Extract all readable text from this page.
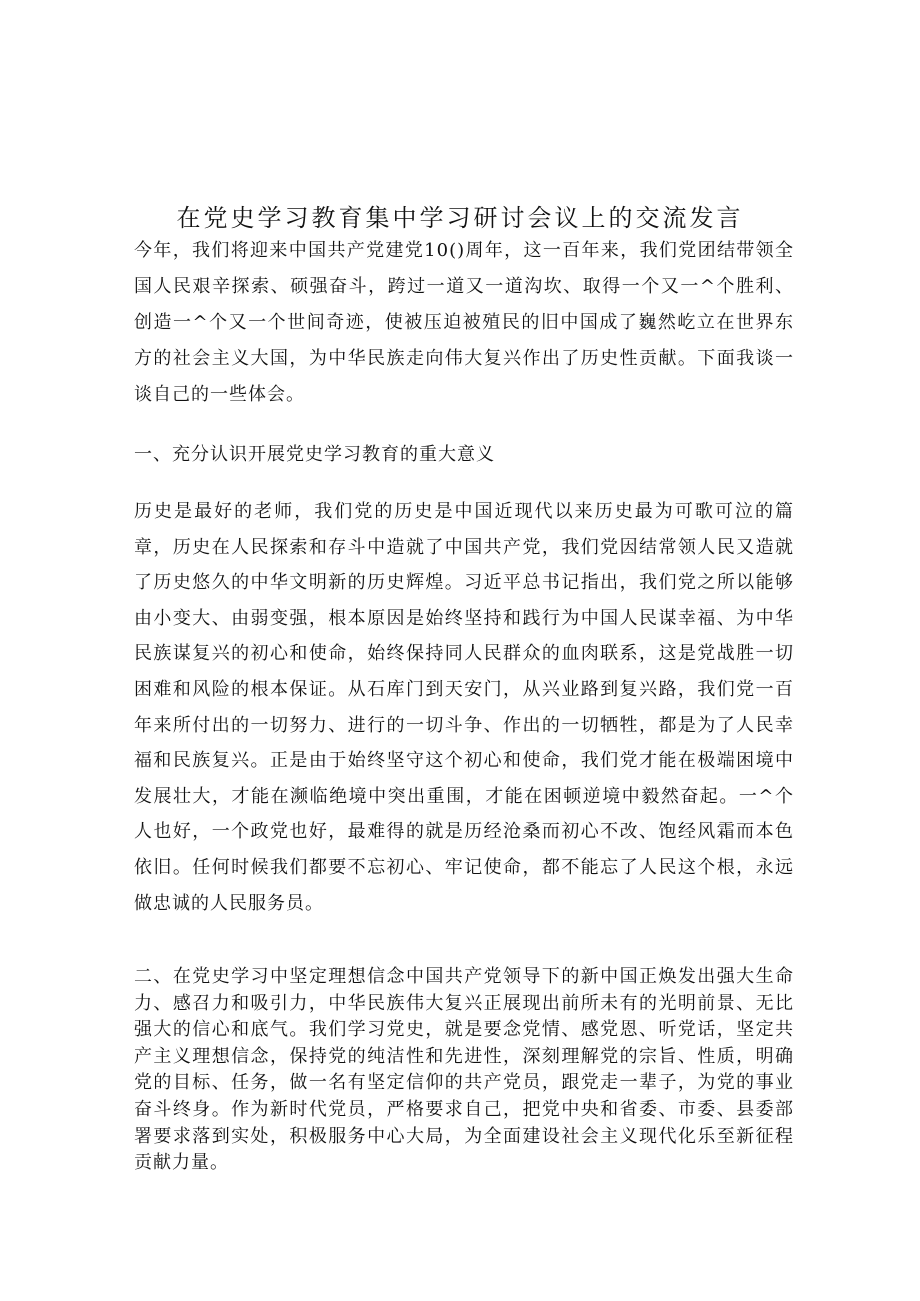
在党史学习教育集中学习研讨会议上的交流发言

今年，我们将迎来中国共产党建党10()周年，这一百年来，我们党团结带领全国人民艰辛探索、硕强奋斗，跨过一道又一道沟坎、取得一个又一^个胜利、创造一^个又一个世间奇迹，使被压迫被殖民的旧中国成了巍然屹立在世界东方的社会主义大国，为中华民族走向伟大复兴作出了历史性贡献。下面我谈一谈自己的一些体会。

一、充分认识开展党史学习教育的重大意义

历史是最好的老师，我们党的历史是中国近现代以来历史最为可歌可泣的篇章，历史在人民探索和存斗中造就了中国共产党，我们党因结常领人民又造就了历史悠久的中华文明新的历史辉煌。习近平总书记指出，我们党之所以能够由小变大、由弱变强，根本原因是始终坚持和践行为中国人民谋幸福、为中华民族谋复兴的初心和使命，始终保持同人民群众的血肉联系，这是党战胜一切困难和风险的根本保证。从石库门到天安门，从兴业路到复兴路，我们党一百年来所付出的一切努力、进行的一切斗争、作出的一切牺牲，都是为了人民幸福和民族复兴。正是由于始终坚守这个初心和使命，我们党才能在极端困境中发展壮大，才能在濒临绝境中突出重围，才能在困顿逆境中毅然奋起。一^个人也好，一个政党也好，最难得的就是历经沧桑而初心不改、饱经风霜而本色依旧。任何时候我们都要不忘初心、牢记使命，都不能忘了人民这个根，永远做忠诚的人民服务员。

二、在党史学习中坚定理想信念中国共产党领导下的新中国正焕发出强大生命力、感召力和吸引力，中华民族伟大复兴正展现出前所未有的光明前景、无比强大的信心和底气。我们学习党史，就是要念党情、感党恩、听党话，坚定共产主义理想信念，保持党的纯洁性和先进性，深刻理解党的宗旨、性质，明确党的目标、任务，做一名有坚定信仰的共产党员，跟党走一辈子，为党的事业奋斗终身。作为新时代党员，严格要求自己，把党中央和省委、市委、县委部署要求落到实处，积极服务中心大局，为全面建设社会主义现代化乐至新征程贡献力量。
